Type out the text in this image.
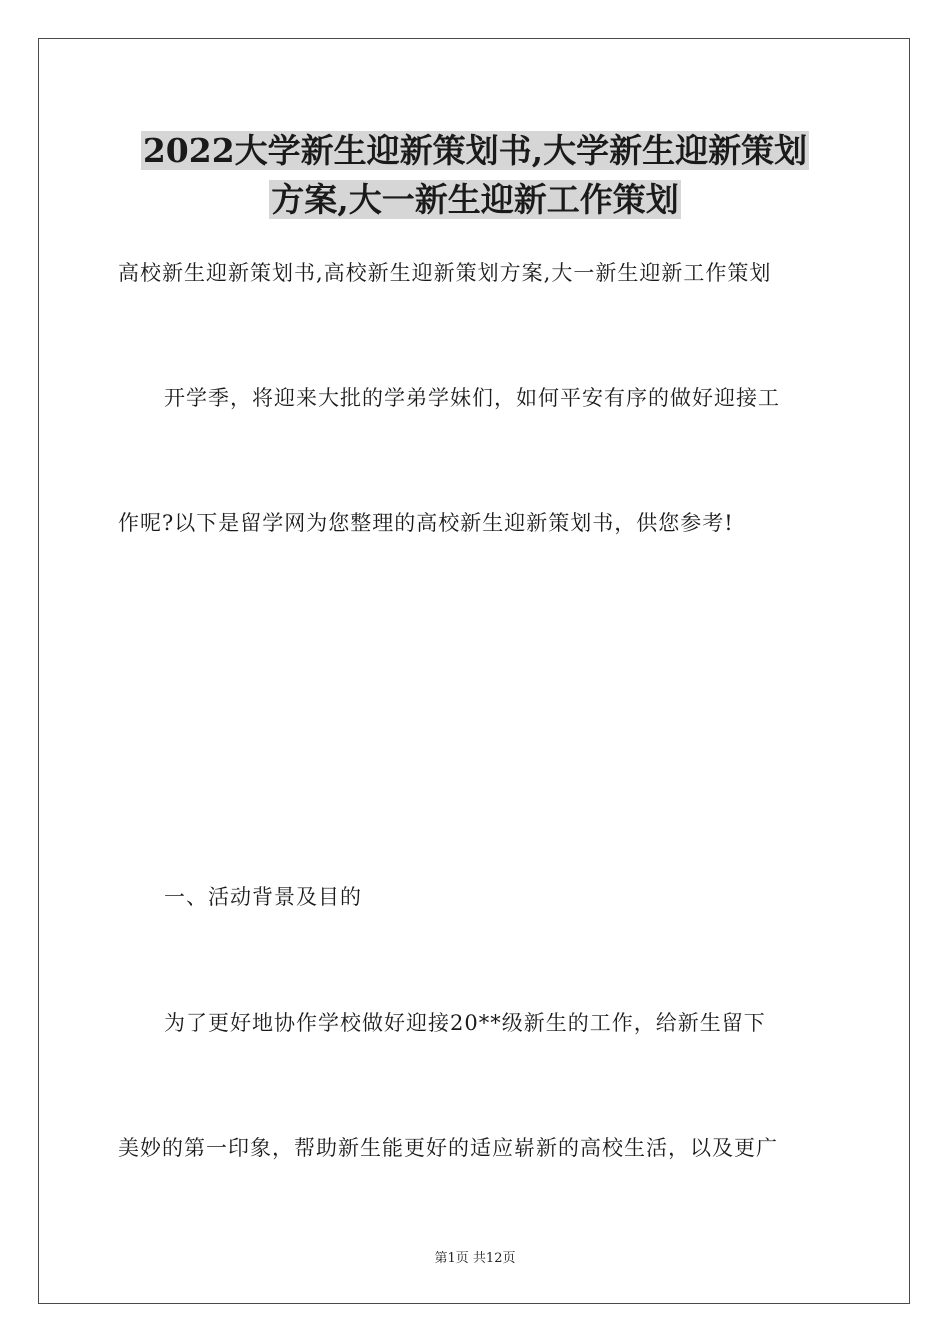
2022大学新生迎新策划书,大学新生迎新策划
方案,大一新生迎新工作策划
高校新生迎新策划书,高校新生迎新策划方案,大一新生迎新工作策划
开学季，将迎来大批的学弟学妹们，如何平安有序的做好迎接工
作呢?以下是留学网为您整理的高校新生迎新策划书，供您参考!
一、活动背景及目的
为了更好地协作学校做好迎接20**级新生的工作，给新生留下
美妙的第一印象，帮助新生能更好的适应崭新的高校生活，以及更广
第1页 共12页
